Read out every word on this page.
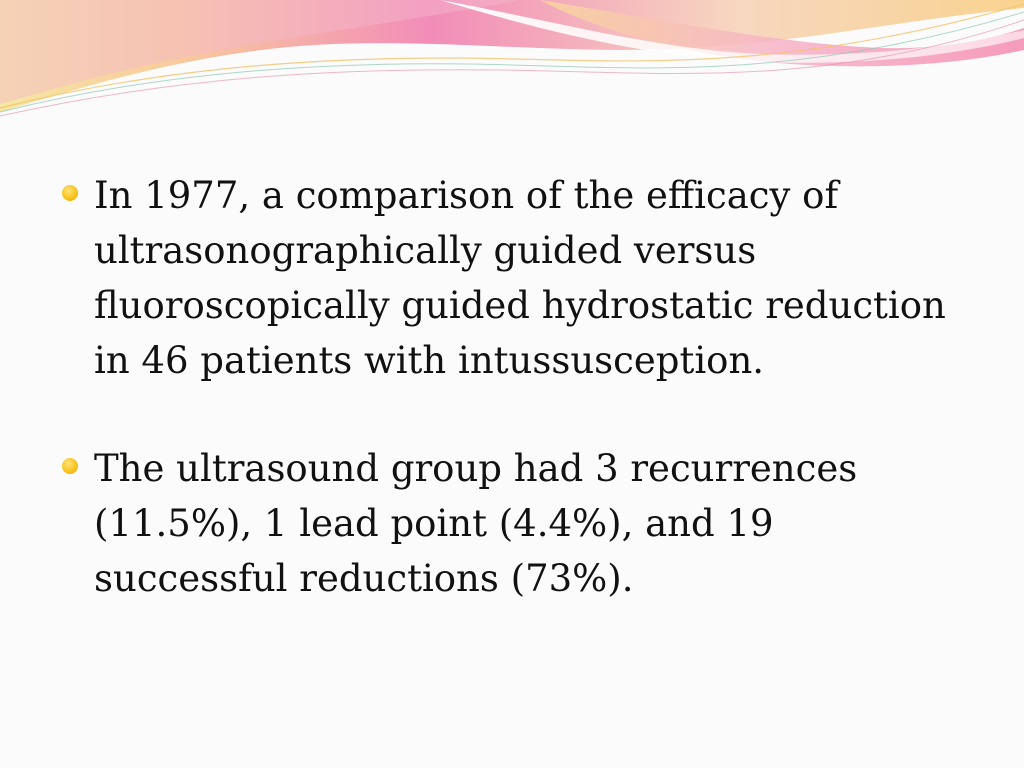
In 1977, a comparison of the efficacy of ultrasonographically guided versus fluoroscopically guided hydrostatic reduction in 46 patients with intussusception.
The ultrasound group had 3 recurrences (11.5%), 1 lead point (4.4%), and 19 successful reductions (73%).
